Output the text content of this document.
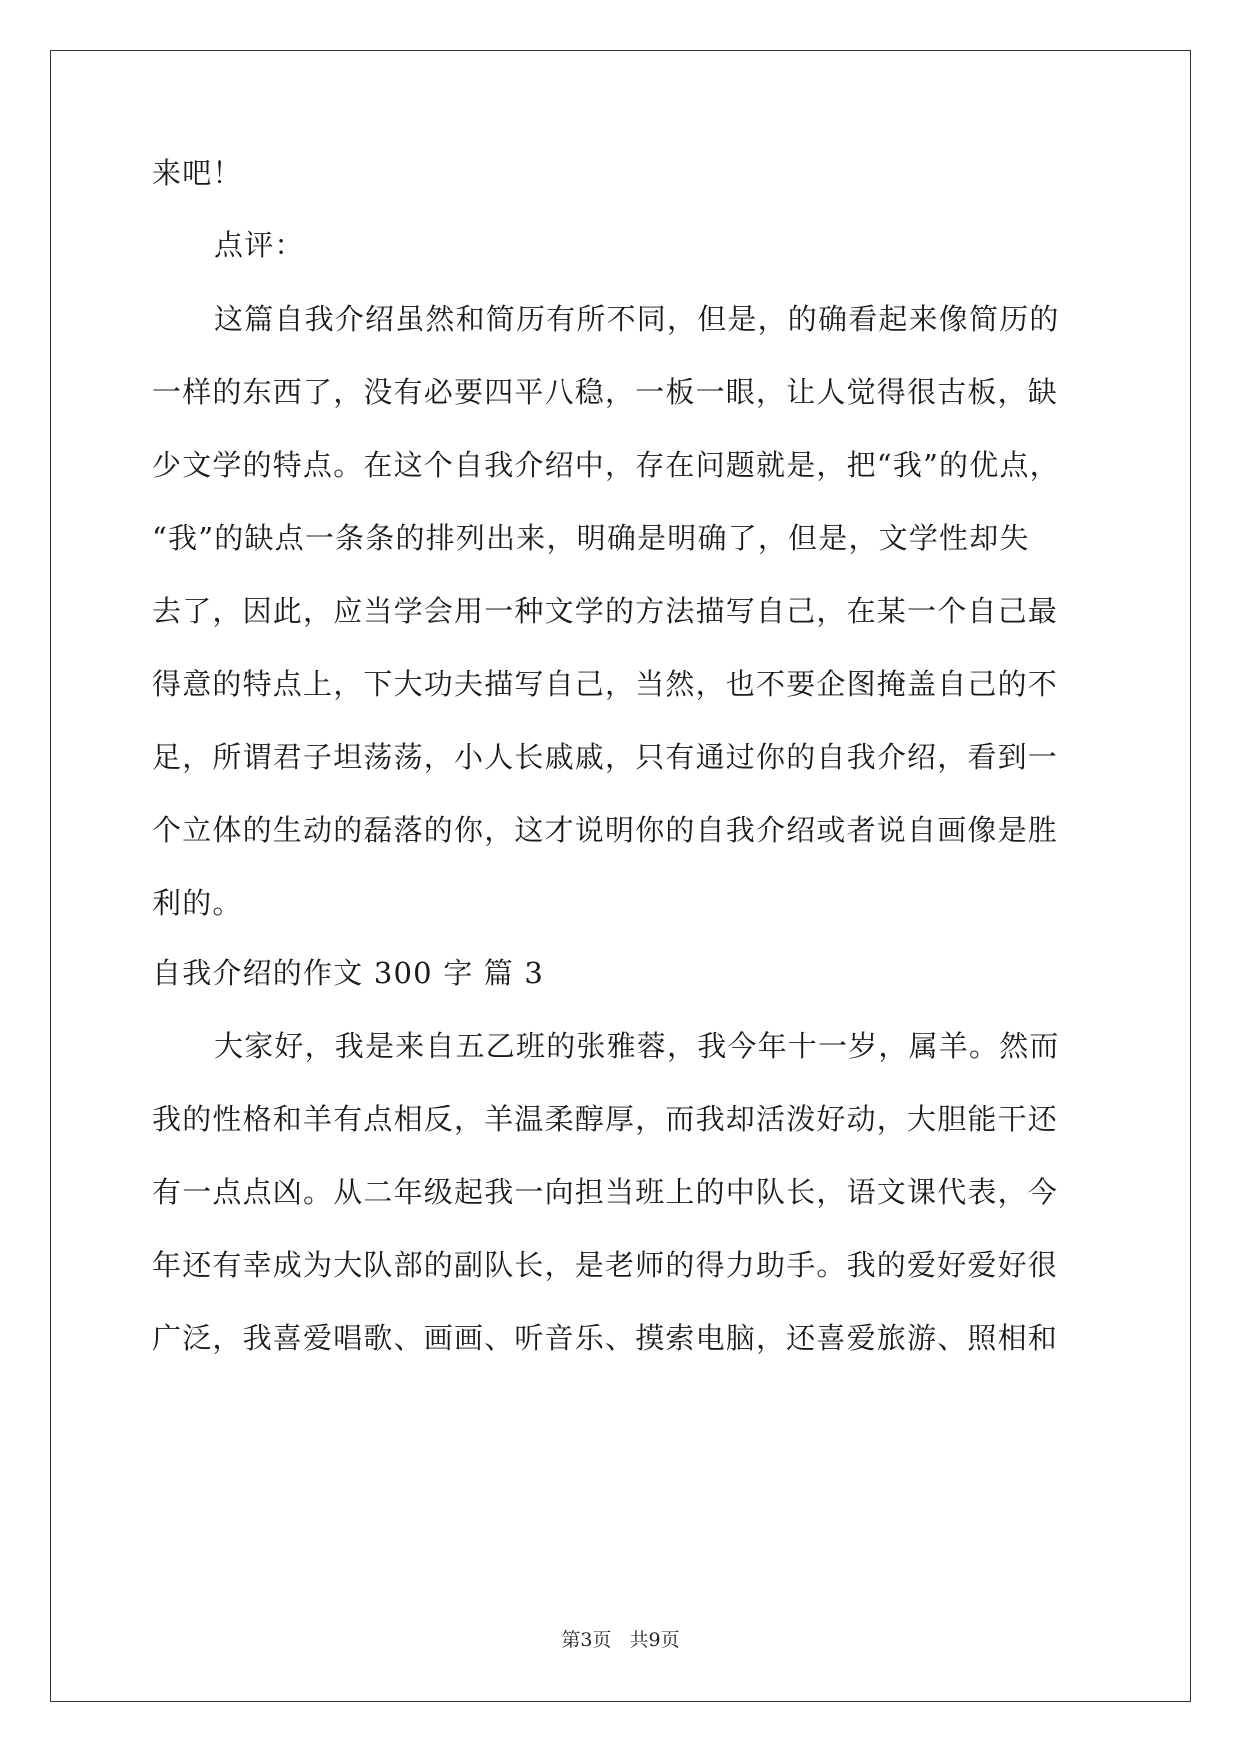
来吧！

点评：

这篇自我介绍虽然和简历有所不同，但是，的确看起来像简历的

一样的东西了，没有必要四平八稳，一板一眼，让人觉得很古板，缺

少文学的特点。在这个自我介绍中，存在问题就是，把“我”的优点，

“我”的缺点一条条的排列出来，明确是明确了，但是，文学性却失

去了，因此，应当学会用一种文学的方法描写自己，在某一个自己最

得意的特点上，下大功夫描写自己，当然，也不要企图掩盖自己的不

足，所谓君子坦荡荡，小人长戚戚，只有通过你的自我介绍，看到一

个立体的生动的磊落的你，这才说明你的自我介绍或者说自画像是胜

利的。

自我介绍的作文 300 字 篇 3

大家好，我是来自五乙班的张雅蓉，我今年十一岁，属羊。然而

我的性格和羊有点相反，羊温柔醇厚，而我却活泼好动，大胆能干还

有一点点凶。从二年级起我一向担当班上的中队长，语文课代表，今

年还有幸成为大队部的副队长，是老师的得力助手。我的爱好爱好很

广泛，我喜爱唱歌、画画、听音乐、摸索电脑，还喜爱旅游、照相和

第3页 共9页
